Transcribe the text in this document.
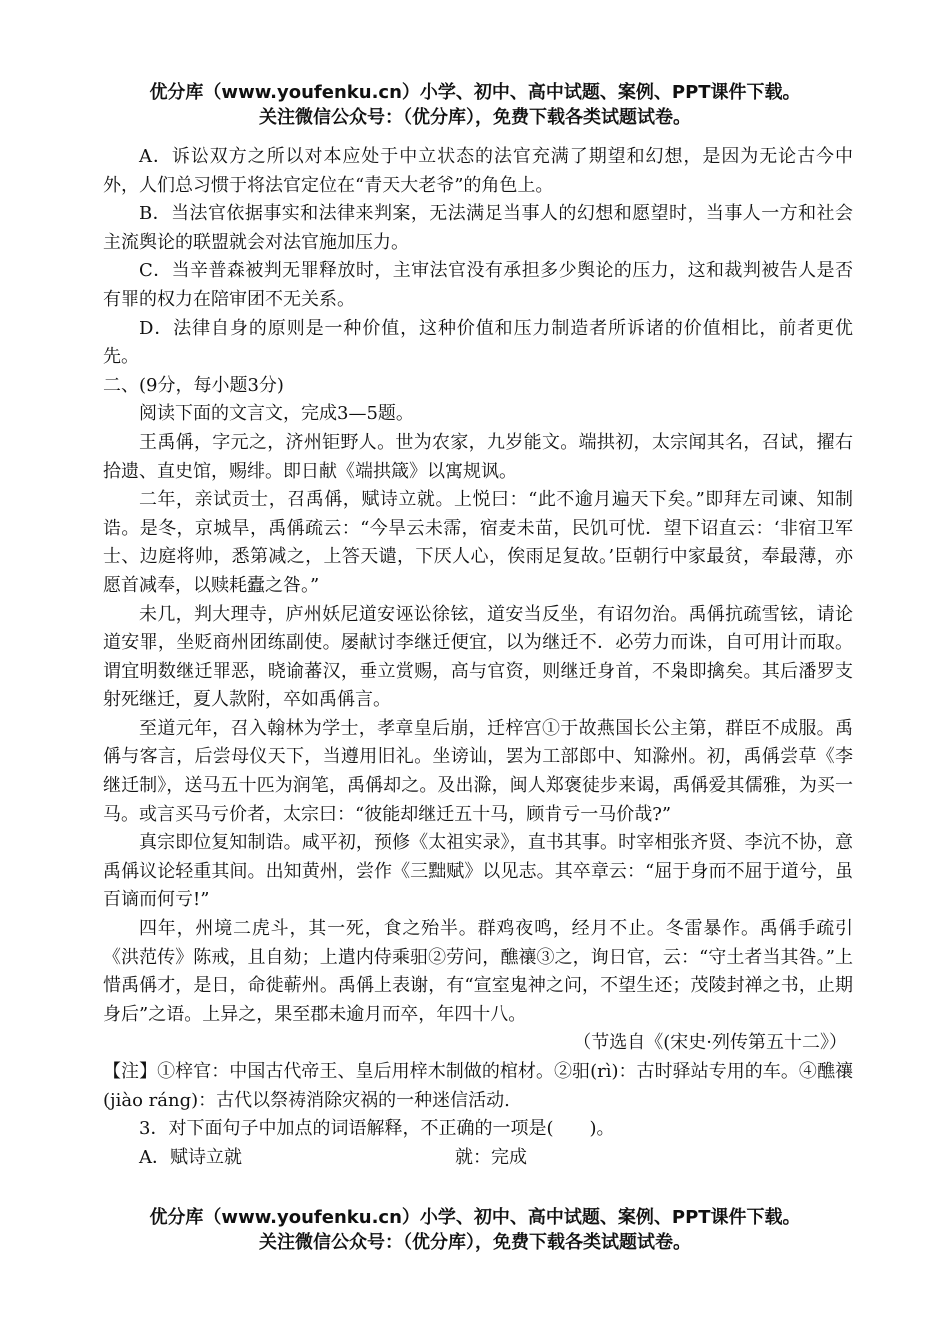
优分库（www.youfenku.cn）小学、初中、高中试题、案例、PPT课件下载。
关注微信公众号：（优分库），免费下载各类试题试卷。

A．诉讼双方之所以对本应处于中立状态的法官充满了期望和幻想，是因为无论古今中外，人们总习惯于将法官定位在“青天大老爷”的角色上。

B．当法官依据事实和法律来判案，无法满足当事人的幻想和愿望时，当事人一方和社会主流舆论的联盟就会对法官施加压力。

C．当辛普森被判无罪释放时，主审法官没有承担多少舆论的压力，这和裁判被告人是否有罪的权力在陪审团不无关系。

D．法律自身的原则是一种价值，这种价值和压力制造者所诉诸的价值相比，前者更优先。

二、(9分，每小题3分)

阅读下面的文言文，完成3—5题。

王禹偁，字元之，济州钜野人。世为农家，九岁能文。端拱初，太宗闻其名，召试，擢右拾遗、直史馆，赐绯。即日献《端拱箴》以寓规讽。

二年，亲试贡士，召禹偁，赋诗立就。上悦曰：“此不逾月遍天下矣。”即拜左司谏、知制诰。是冬，京城旱，禹偁疏云：“今旱云未霈，宿麦未苗，民饥可忧．望下诏直云：‘非宿卫军士、边庭将帅，悉第减之，上答天谴，下厌人心，俟雨足复故。’臣朝行中家最贫，奉最薄，亦愿首减奉，以赎耗蠹之咎。”

未几，判大理寺，庐州妖尼道安诬讼徐铉，道安当反坐，有诏勿治。禹偁抗疏雪铉，请论道安罪，坐贬商州团练副使。屡献讨李继迁便宜，以为继迁不．必劳力而诛，自可用计而取。谓宜明数继迁罪恶，晓谕蕃汉，垂立赏赐，高与官资，则继迁身首，不枭即擒矣。其后潘罗支射死继迁，夏人款附，卒如禹偁言。

至道元年，召入翰林为学士，孝章皇后崩，迁梓宫①于故燕国长公主第，群臣不成服。禹偁与客言，后尝母仪天下，当遵用旧礼。坐谤讪，罢为工部郎中、知滁州。初，禹偁尝草《李继迁制》，送马五十匹为润笔，禹偁却之。及出滁，闽人郑褒徒步来谒，禹偁爱其儒雅，为买一马。或言买马亏价者，太宗曰：“彼能却继迁五十马，顾肯亏一马价哉?”

真宗即位复知制诰。咸平初，预修《太祖实录》，直书其事。时宰相张齐贤、李沆不协，意禹偁议论轻重其间。出知黄州，尝作《三黜赋》以见志。其卒章云：“屈于身而不屈于道兮，虽百谪而何亏!”

四年，州境二虎斗，其一死，食之殆半。群鸡夜鸣，经月不止。冬雷暴作。禹偁手疏引《洪范传》陈戒，且自劾；上遣内侍乘驲②劳问，醮禳③之，询日官，云：“守土者当其咎。”上惜禹偁才，是日，命徙蕲州。禹偁上表谢，有“宣室鬼神之问，不望生还；茂陵封禅之书，止期身后”之语。上异之，果至郡未逾月而卒，年四十八。

（节选自《(宋史·列传第五十二》）

【注】①梓官：中国古代帝王、皇后用梓木制做的棺材。②驲(rì)：古时驿站专用的车。④醮禳(jiào ráng)：古代以祭祷消除灾祸的一种迷信活动.

3．对下面句子中加点的词语解释，不正确的一项是(　　)。

A．赋诗立就	就：完成
优分库（www.youfenku.cn）小学、初中、高中试题、案例、PPT课件下载。
关注微信公众号：（优分库），免费下载各类试题试卷。
